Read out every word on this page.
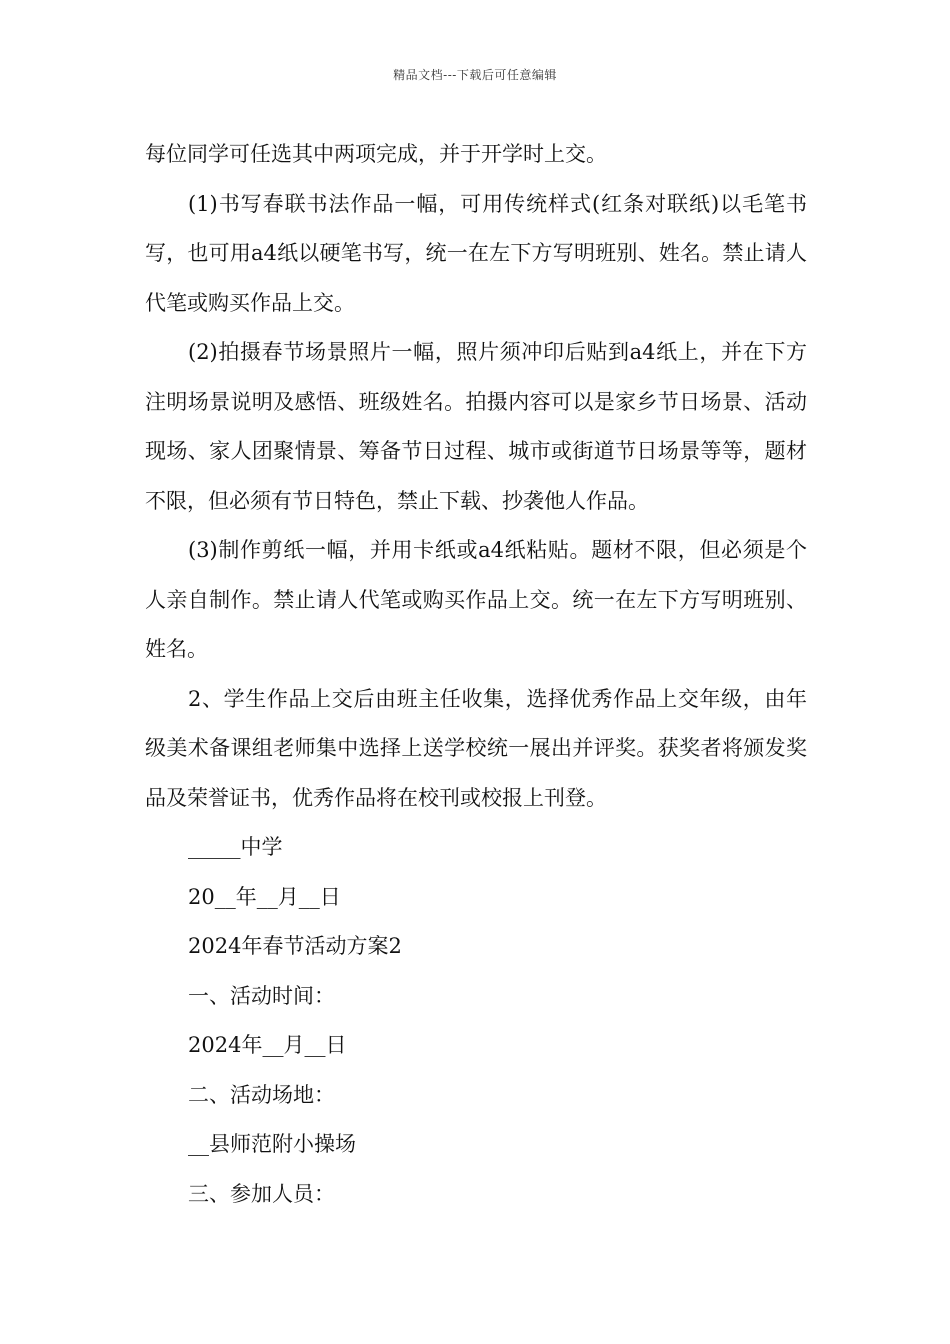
精品文档---下载后可任意编辑

每位同学可任选其中两项完成，并于开学时上交。

(1)书写春联书法作品一幅，可用传统样式(红条对联纸)以毛笔书写，也可用a4纸以硬笔书写，统一在左下方写明班别、姓名。禁止请人代笔或购买作品上交。

(2)拍摄春节场景照片一幅，照片须冲印后贴到a4纸上，并在下方注明场景说明及感悟、班级姓名。拍摄内容可以是家乡节日场景、活动现场、家人团聚情景、筹备节日过程、城市或街道节日场景等等，题材不限，但必须有节日特色，禁止下载、抄袭他人作品。

(3)制作剪纸一幅，并用卡纸或a4纸粘贴。题材不限，但必须是个人亲自制作。禁止请人代笔或购买作品上交。统一在左下方写明班别、姓名。

2、学生作品上交后由班主任收集，选择优秀作品上交年级，由年级美术备课组老师集中选择上送学校统一展出并评奖。获奖者将颁发奖品及荣誉证书，优秀作品将在校刊或校报上刊登。

_____中学

20__年__月__日

2024年春节活动方案2

一、活动时间：

2024年__月__日

二、活动场地：

__县师范附小操场

三、参加人员：
